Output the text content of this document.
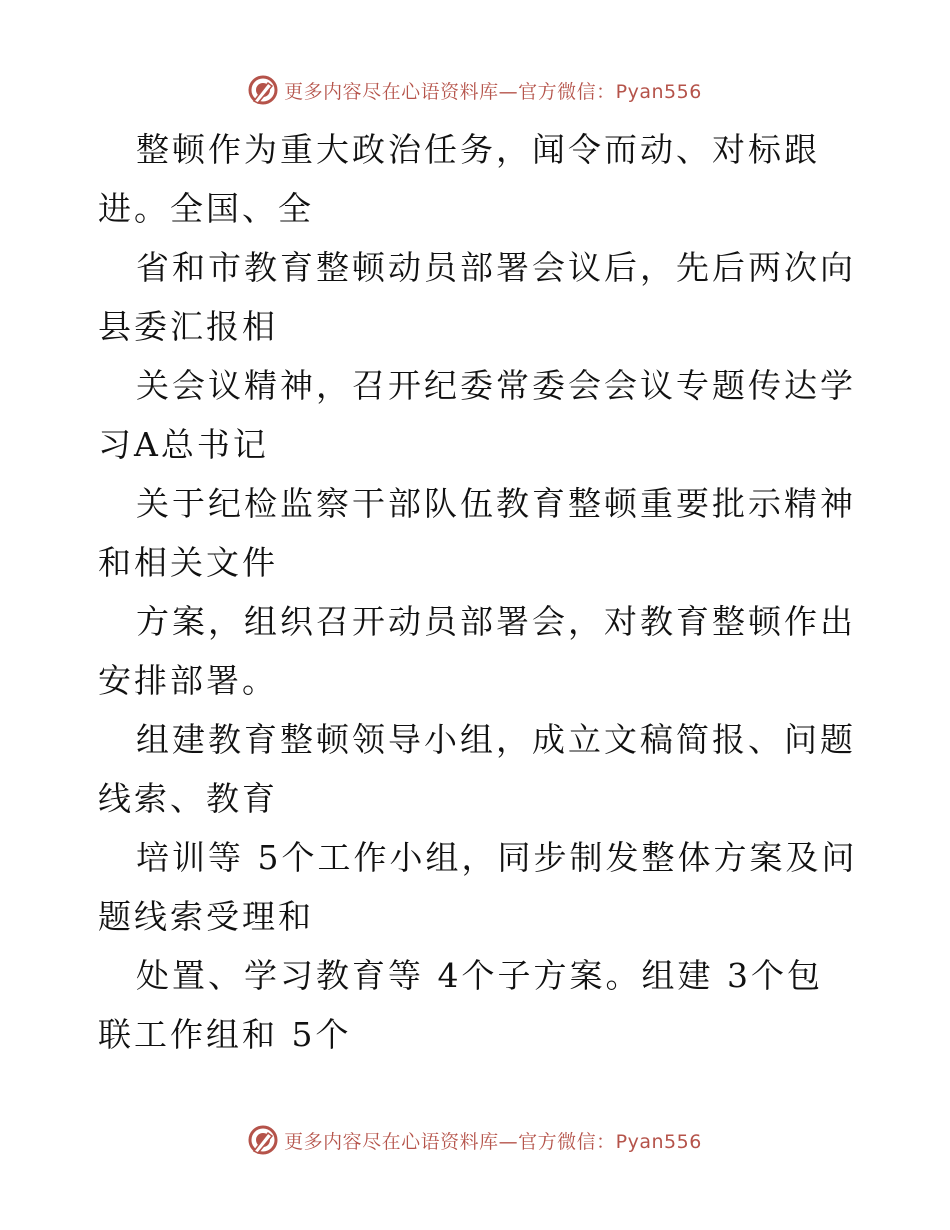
更多内容尽在心语资料库—官方微信：Pyan556

整顿作为重大政治任务，闻令而动、对标跟进。全国、全

省和市教育整顿动员部署会议后，先后两次向县委汇报相

关会议精神，召开纪委常委会会议专题传达学习A总书记

关于纪检监察干部队伍教育整顿重要批示精神和相关文件

方案，组织召开动员部署会，对教育整顿作出安排部署。

组建教育整顿领导小组，成立文稿简报、问题线索、教育

培训等 5个工作小组，同步制发整体方案及问题线索受理和

处置、学习教育等 4个子方案。组建 3个包联工作组和 5个

更多内容尽在心语资料库—官方微信：Pyan556
